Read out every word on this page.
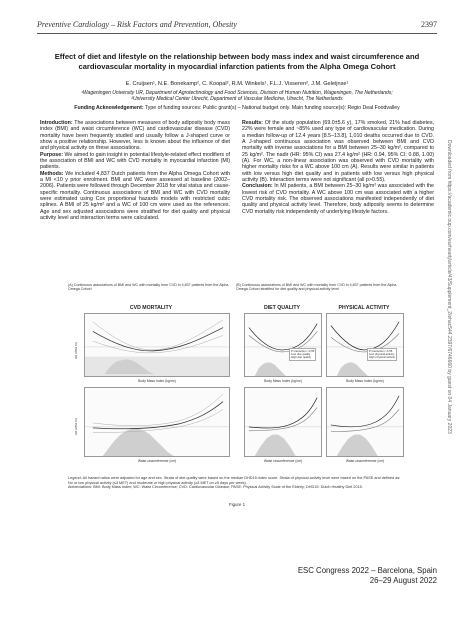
Preventive Cardiology – Risk Factors and Prevention, Obesity	2397
Effect of diet and lifestyle on the relationship between body mass index and waist circumference and cardiovascular mortality in myocardial infarction patients from the Alpha Omega Cohort
E. Cruijsen¹, N.E. Bonekamp², C. Koopal², R.M. Winkels¹, F.L.J. Visseren², J.M. Geleijnse¹
¹Wageningen University UR, Department of Agrotechnology and Food Sciences, Division of Human Nutrition, Wageningen, The Netherlands;
²University Medical Center Utrecht, Department of Vascular Medicine, Utrecht, The Netherlands
Funding Acknowledgement: Type of funding sources: Public grant(s) – National budget only. Main funding source(s): Regio Deal Foodvalley

Introduction: The associations between measures of body adiposity body mass index (BMI) and waist circumference (WC) and cardiovascular disease (CVD) mortality have been frequently studied and usually follow a J-shaped curve or show a positive relationship. However, less is known about the influence of diet and physical activity on these associations.

Purpose: We aimed to gain insight in potential lifestyle-related effect modifiers of the association of BMI and WC with CVD mortality in myocardial infarction (MI) patients.

Methods: We included 4,837 Dutch patients from the Alpha Omega Cohort with a MI <10 y prior enrolment. BMI and WC were assessed at baseline (2002–2006). Patients were followed through December 2018 for vital status and cause-specific mortality. Continuous associations of BMI and WC with CVD mortality were estimated using Cox proportional hazards models with restricted cubic splines. A BMI of 25 kg/m² and a WC of 100 cm were used as the references. Age and sex adjusted associations were stratified for diet quality and physical activity level and interaction terms were calculated.

Results: Of the study population (69.0±5.6 y), 17% smoked, 21% had diabetes, 22% were female and ~85% used any type of cardiovascular medication. During a median follow-up of 12.4 years [8.5–13.8], 1,010 deaths occurred due to CVD. A J-shaped continuous association was observed between BMI and CVD mortality with inverse associations for a BMI between 25–30 kg/m², compared to 25 kg/m². The nadir (HR: 95% CI) was 27.4 kg/m² (HR: 0.94, 95% CI: 0.88, 1.00) (A). For WC, a non-linear association was observed with CVD mortality with higher mortality risks for a WC above 100 cm (A). Results were similar in patients with low versus high diet quality and in patients with low versus high physical activity (B). Interaction terms were not significant (all p>0.55).

Conclusion: In MI patients, a BMI between 25–30 kg/m² was associated with the lowest risk of CVD mortality. A WC above 100 cm was associated with a higher CVD mortality risk. The observed associations manifested independently of diet quality and physical activity level. Therefore, body adiposity seems to determine CVD mortality risk independently of underlying lifestyle factors.

(A) Continuous associations of BMI and WC with mortality from CVD in 4,837 patients from the Alpha Omega Cohort
CVD MORTALITY
HR (95% CI)
Body Mass Index (kg/m²)
HR (95% CI)
Waist circumference (cm)
(B) Continuous associations of BMI and WC with mortality from CVD in 4,837 patients from the Alpha Omega Cohort stratified for diet quality and physical activity level
DIET QUALITY	PHYSICAL ACTIVITY
P interaction >0.55
Low diet quality
High diet quality
Body Mass Index (kg/m²)
P interaction >0.55
Low physical activity
High physical activity
Body Mass Index (kg/m²)
Waist circumference (cm)	Waist circumference (cm)
Legend: All hazard ratios were adjusted for age and sex. Strata of diet quality were based on the median DHD15-index score. Strata of physical activity level were based on the PASE and defined as: No or low physical activity (≤3 MET) and moderate or high physical activity (≥3 MET on ≥5 days per week).
Abbreviations: BMI: Body Mass Index; WC: Waist Circumference; CVD: Cardiovascular Disease; PASE: Physical Activity Scale of the Elderly; DHD15: Dutch Healthy Diet 2015.
Figure 1
ESC Congress 2022 – Barcelona, Spain
26–29 August 2022
Downloaded from https://academic.oup.com/eurheartj/article/43/Supplement_2/ehac544.2397/6746660 by guest on 04 January 2023
